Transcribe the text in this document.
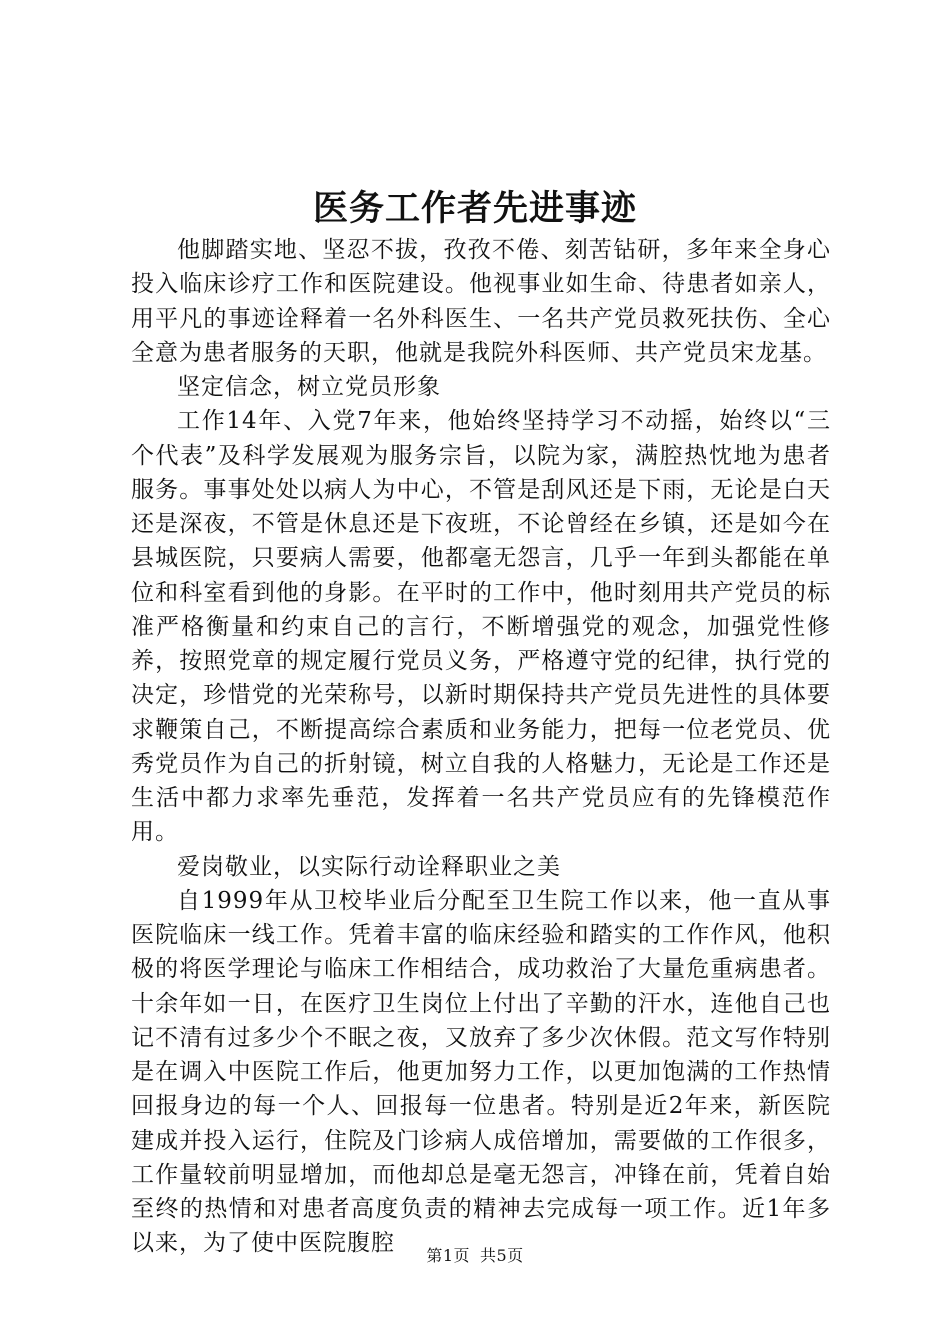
医务工作者先进事迹

他脚踏实地、坚忍不拔，孜孜不倦、刻苦钻研，多年来全身心投入临床诊疗工作和医院建设。他视事业如生命、待患者如亲人，用平凡的事迹诠释着一名外科医生、一名共产党员救死扶伤、全心全意为患者服务的天职，他就是我院外科医师、共产党员宋龙基。

坚定信念，树立党员形象

工作14年、入党7年来，他始终坚持学习不动摇，始终以“三个代表”及科学发展观为服务宗旨，以院为家，满腔热忱地为患者服务。事事处处以病人为中心，不管是刮风还是下雨，无论是白天还是深夜，不管是休息还是下夜班，不论曾经在乡镇，还是如今在县城医院，只要病人需要，他都毫无怨言，几乎一年到头都能在单位和科室看到他的身影。在平时的工作中，他时刻用共产党员的标准严格衡量和约束自己的言行，不断增强党的观念，加强党性修养，按照党章的规定履行党员义务，严格遵守党的纪律，执行党的决定，珍惜党的光荣称号，以新时期保持共产党员先进性的具体要求鞭策自己，不断提高综合素质和业务能力，把每一位老党员、优秀党员作为自己的折射镜，树立自我的人格魅力，无论是工作还是生活中都力求率先垂范，发挥着一名共产党员应有的先锋模范作用。

爱岗敬业，以实际行动诠释职业之美

自1999年从卫校毕业后分配至卫生院工作以来，他一直从事医院临床一线工作。凭着丰富的临床经验和踏实的工作作风，他积极的将医学理论与临床工作相结合，成功救治了大量危重病患者。十余年如一日，在医疗卫生岗位上付出了辛勤的汗水，连他自己也记不清有过多少个不眠之夜，又放弃了多少次休假。范文写作特别是在调入中医院工作后，他更加努力工作，以更加饱满的工作热情回报身边的每一个人、回报每一位患者。特别是近2年来，新医院建成并投入运行，住院及门诊病人成倍增加，需要做的工作很多，工作量较前明显增加，而他却总是毫无怨言，冲锋在前，凭着自始至终的热情和对患者高度负责的精神去完成每一项工作。近1年多以来，为了使中医院腹腔	第1页 共5页
